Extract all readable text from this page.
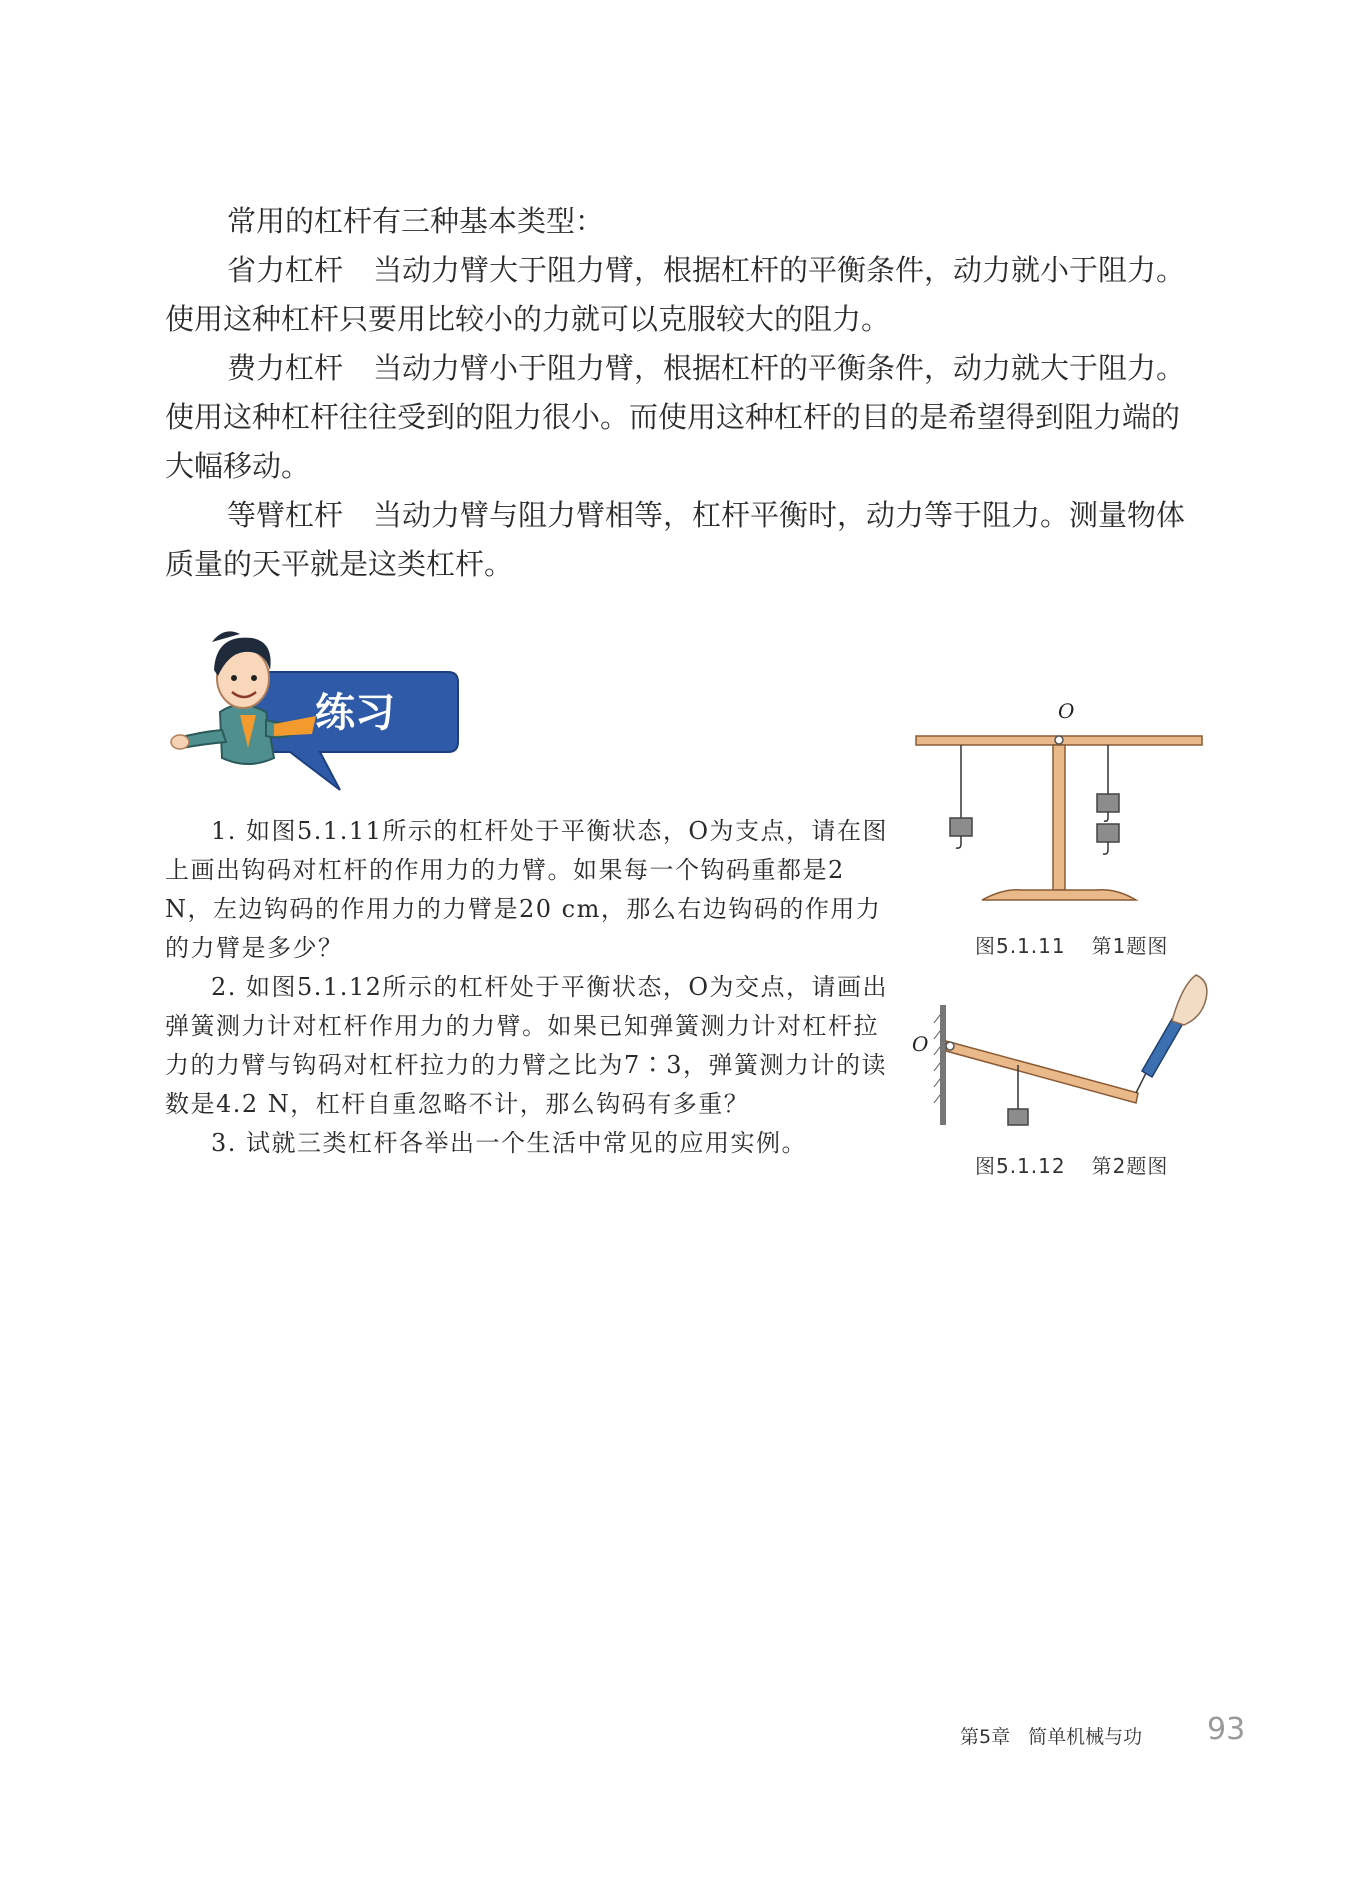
常用的杠杆有三种基本类型：

省力杠杆 当动力臂大于阻力臂，根据杠杆的平衡条件，动力就小于阻力。使用这种杠杆只要用比较小的力就可以克服较大的阻力。

费力杠杆 当动力臂小于阻力臂，根据杠杆的平衡条件，动力就大于阻力。使用这种杠杆往往受到的阻力很小。而使用这种杠杆的目的是希望得到阻力端的大幅移动。

等臂杠杆 当动力臂与阻力臂相等，杠杆平衡时，动力等于阻力。测量物体质量的天平就是这类杠杆。

练习

1. 如图5.1.11所示的杠杆处于平衡状态，O为支点，请在图上画出钩码对杠杆的作用力的力臂。如果每一个钩码重都是2 N，左边钩码的作用力的力臂是20 cm，那么右边钩码的作用力的力臂是多少？

2. 如图5.1.12所示的杠杆处于平衡状态，O为交点，请画出弹簧测力计对杠杆作用力的力臂。如果已知弹簧测力计对杠杆拉力的力臂与钩码对杠杆拉力的力臂之比为7∶3，弹簧测力计的读数是4.2 N，杠杆自重忽略不计，那么钩码有多重？

3. 试就三类杠杆各举出一个生活中常见的应用实例。

O
图5.1.11 第1题图
O
图5.1.12 第2题图
第5章 简单机械与功 93
